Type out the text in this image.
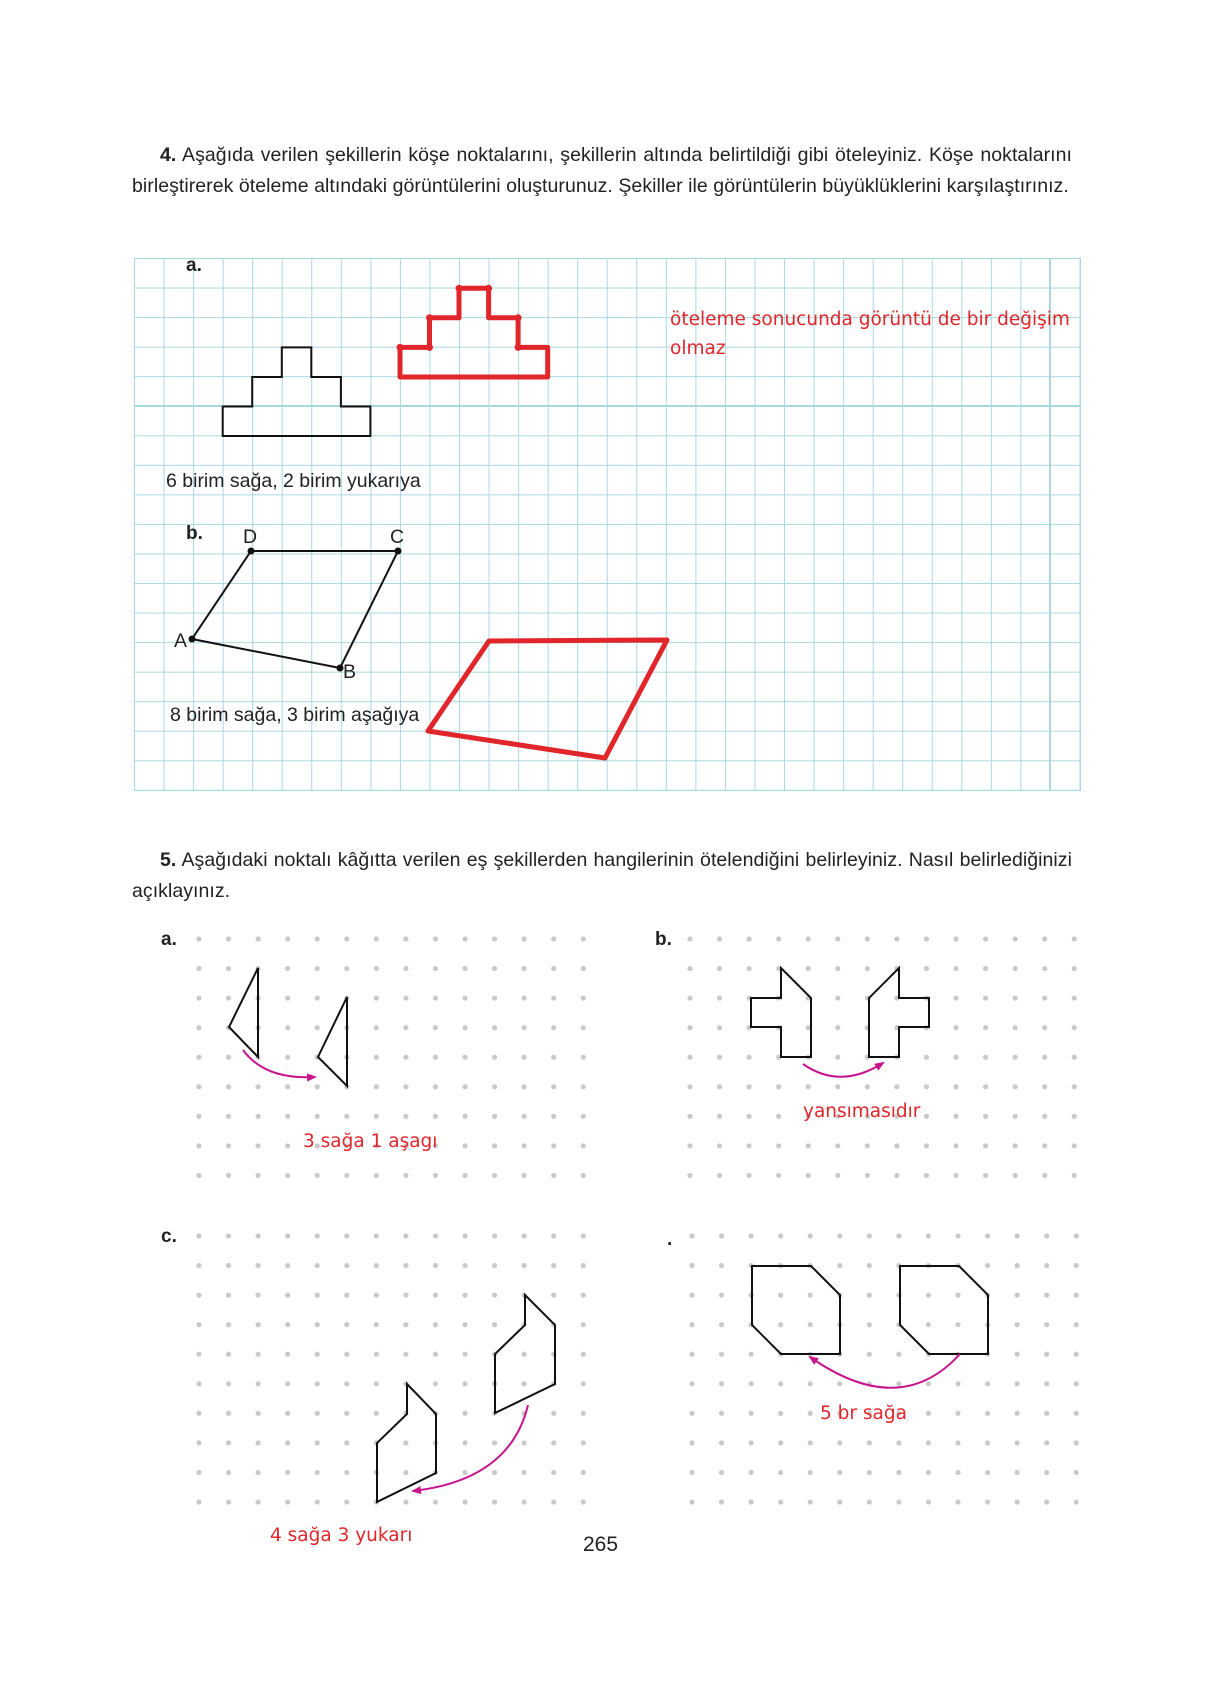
4. Aşağıda verilen şekillerin köşe noktalarını, şekillerin altında belirtildiği gibi öteleyiniz. Köşe noktalarını birleştirerek öteleme altındaki görüntülerini oluşturunuz. Şekiller ile görüntülerin büyüklüklerini karşılaştırınız.
a.
öteleme sonucunda görüntü de bir değişim
olmaz
6 birim sağa, 2 birim yukarıya
b. D	C
A
B
8 birim sağa, 3 birim aşağıya
5. Aşağıdaki noktalı kâğıtta verilen eş şekillerden hangilerinin ötelendiğini belirleyiniz. Nasıl belirlediğinizi açıklayınız.
a.	b.
c.	.
3 sağa 1 aşagı
yansımasıdır
4 sağa 3 yukarı
5 br sağa
265
